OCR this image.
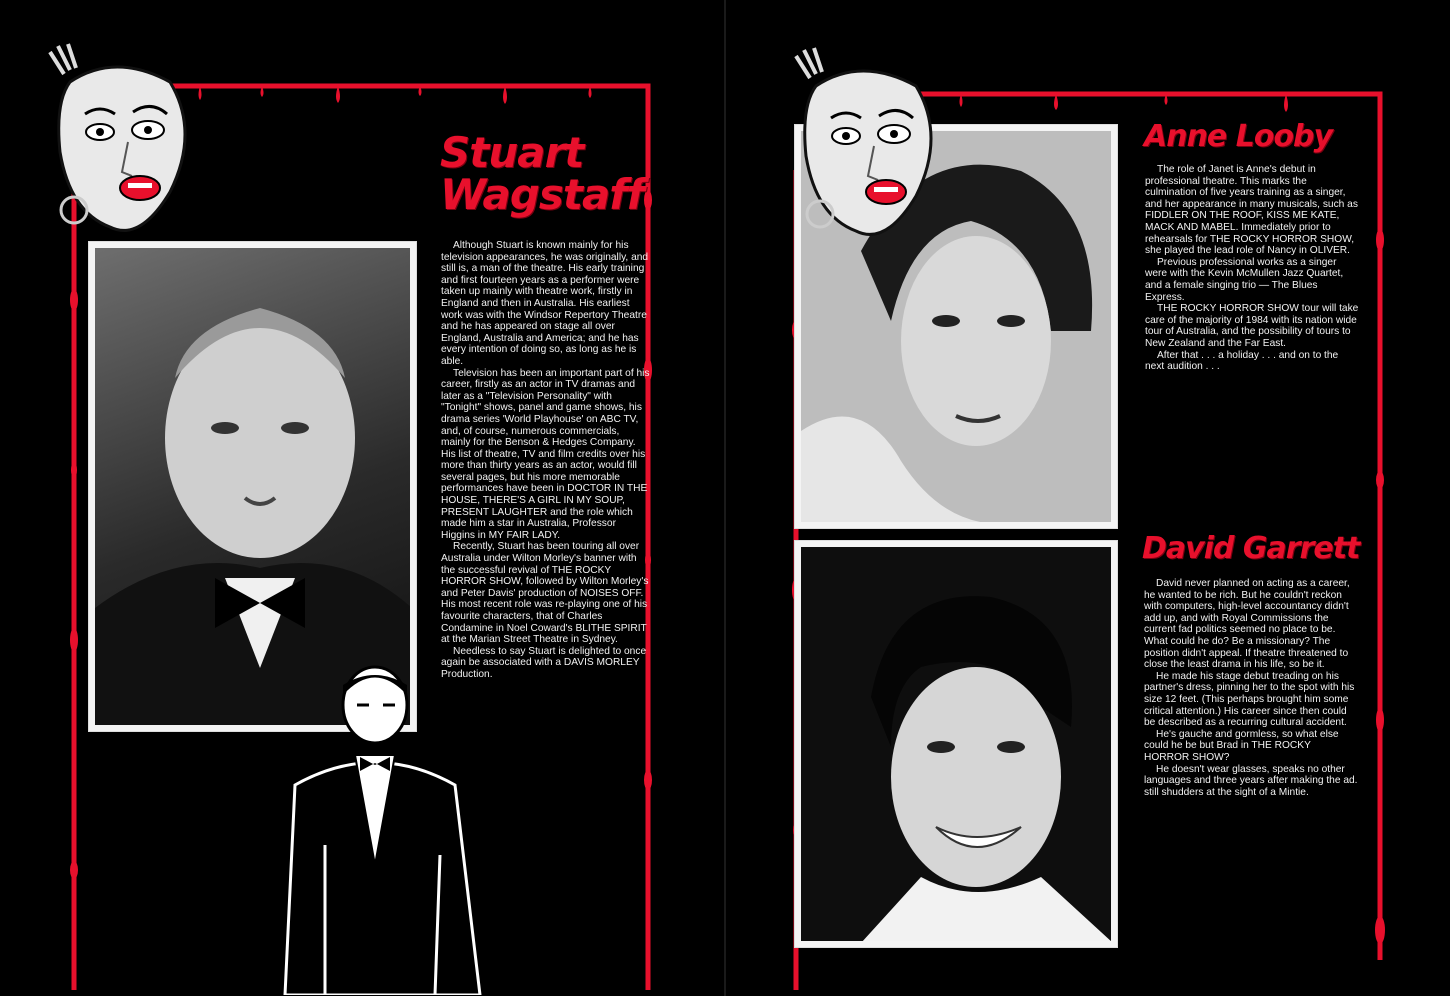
Stuart
Wagstaff

Although Stuart is known mainly for his television appearances, he was originally, and still is, a man of the theatre. His early training and first fourteen years as a performer were taken up mainly with theatre work, firstly in England and then in Australia. His earliest work was with the Windsor Repertory Theatre and he has appeared on stage all over England, Australia and America; and he has every intention of doing so, as long as he is able.

Television has been an important part of his career, firstly as an actor in TV dramas and later as a "Television Personality" with "Tonight" shows, panel and game shows, his drama series 'World Playhouse' on ABC TV, and, of course, numerous commercials, mainly for the Benson & Hedges Company. His list of theatre, TV and film credits over his more than thirty years as an actor, would fill several pages, but his more memorable performances have been in DOCTOR IN THE HOUSE, THERE'S A GIRL IN MY SOUP, PRESENT LAUGHTER and the role which made him a star in Australia, Professor Higgins in MY FAIR LADY.

Recently, Stuart has been touring all over Australia under Wilton Morley's banner with the successful revival of THE ROCKY HORROR SHOW, followed by Wilton Morley's and Peter Davis' production of NOISES OFF. His most recent role was re-playing one of his favourite characters, that of Charles Condamine in Noel Coward's BLITHE SPIRIT at the Marian Street Theatre in Sydney.

Needless to say Stuart is delighted to once again be associated with a DAVIS MORLEY Production.

Anne Looby

The role of Janet is Anne's debut in professional theatre. This marks the culmination of five years training as a singer, and her appearance in many musicals, such as FIDDLER ON THE ROOF, KISS ME KATE, MACK AND MABEL. Immediately prior to rehearsals for THE ROCKY HORROR SHOW, she played the lead role of Nancy in OLIVER.

Previous professional works as a singer were with the Kevin McMullen Jazz Quartet, and a female singing trio — The Blues Express.

THE ROCKY HORROR SHOW tour will take care of the majority of 1984 with its nation wide tour of Australia, and the possibility of tours to New Zealand and the Far East.

After that . . . a holiday . . . and on to the next audition . . .

David Garrett

David never planned on acting as a career, he wanted to be rich. But he couldn't reckon with computers, high-level accountancy didn't add up, and with Royal Commissions the current fad politics seemed no place to be. What could he do? Be a missionary? The position didn't appeal. If theatre threatened to close the least drama in his life, so be it.

He made his stage debut treading on his partner's dress, pinning her to the spot with his size 12 feet. (This perhaps brought him some critical attention.) His career since then could be described as a recurring cultural accident.

He's gauche and gormless, so what else could he be but Brad in THE ROCKY HORROR SHOW?

He doesn't wear glasses, speaks no other languages and three years after making the ad. still shudders at the sight of a Mintie.
